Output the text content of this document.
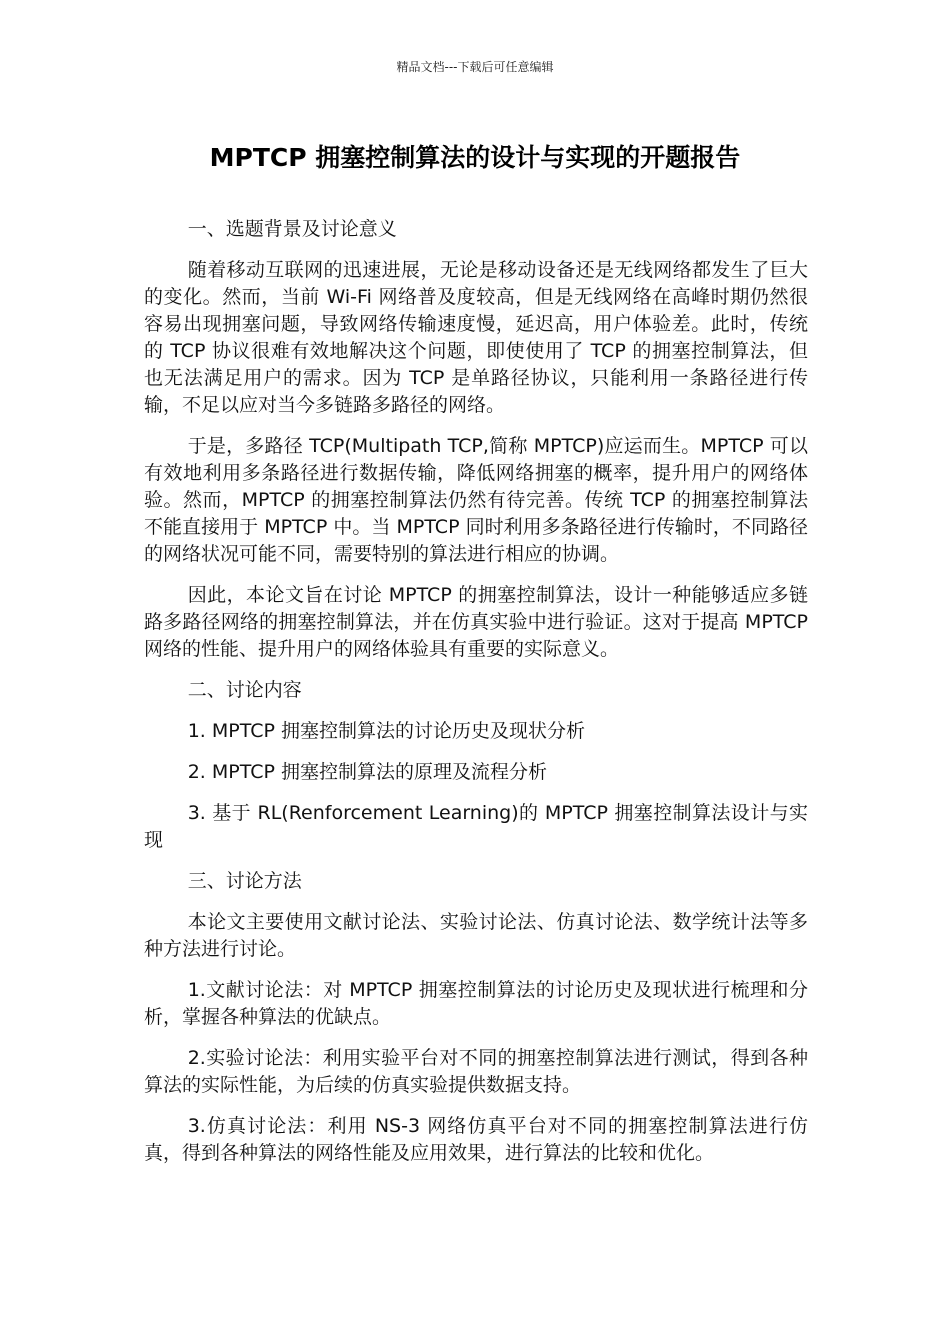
精品文档---下载后可任意编辑
MPTCP 拥塞控制算法的设计与实现的开题报告

一、选题背景及讨论意义

随着移动互联网的迅速进展，无论是移动设备还是无线网络都发生了巨大的变化。然而，当前 Wi-Fi 网络普及度较高，但是无线网络在高峰时期仍然很容易出现拥塞问题，导致网络传输速度慢，延迟高，用户体验差。此时，传统的 TCP 协议很难有效地解决这个问题，即使使用了 TCP 的拥塞控制算法，但也无法满足用户的需求。因为 TCP 是单路径协议，只能利用一条路径进行传输，不足以应对当今多链路多路径的网络。

于是，多路径 TCP(Multipath TCP,简称 MPTCP)应运而生。MPTCP 可以有效地利用多条路径进行数据传输，降低网络拥塞的概率，提升用户的网络体验。然而，MPTCP 的拥塞控制算法仍然有待完善。传统 TCP 的拥塞控制算法不能直接用于 MPTCP 中。当 MPTCP 同时利用多条路径进行传输时，不同路径的网络状况可能不同，需要特别的算法进行相应的协调。

因此，本论文旨在讨论 MPTCP 的拥塞控制算法，设计一种能够适应多链路多路径网络的拥塞控制算法，并在仿真实验中进行验证。这对于提高 MPTCP 网络的性能、提升用户的网络体验具有重要的实际意义。

二、讨论内容

1. MPTCP 拥塞控制算法的讨论历史及现状分析

2. MPTCP 拥塞控制算法的原理及流程分析

3. 基于 RL(Renforcement Learning)的 MPTCP 拥塞控制算法设计与实现

三、讨论方法

本论文主要使用文献讨论法、实验讨论法、仿真讨论法、数学统计法等多种方法进行讨论。

1.文献讨论法：对 MPTCP 拥塞控制算法的讨论历史及现状进行梳理和分析，掌握各种算法的优缺点。

2.实验讨论法：利用实验平台对不同的拥塞控制算法进行测试，得到各种算法的实际性能，为后续的仿真实验提供数据支持。

3.仿真讨论法：利用 NS-3 网络仿真平台对不同的拥塞控制算法进行仿真，得到各种算法的网络性能及应用效果，进行算法的比较和优化。
